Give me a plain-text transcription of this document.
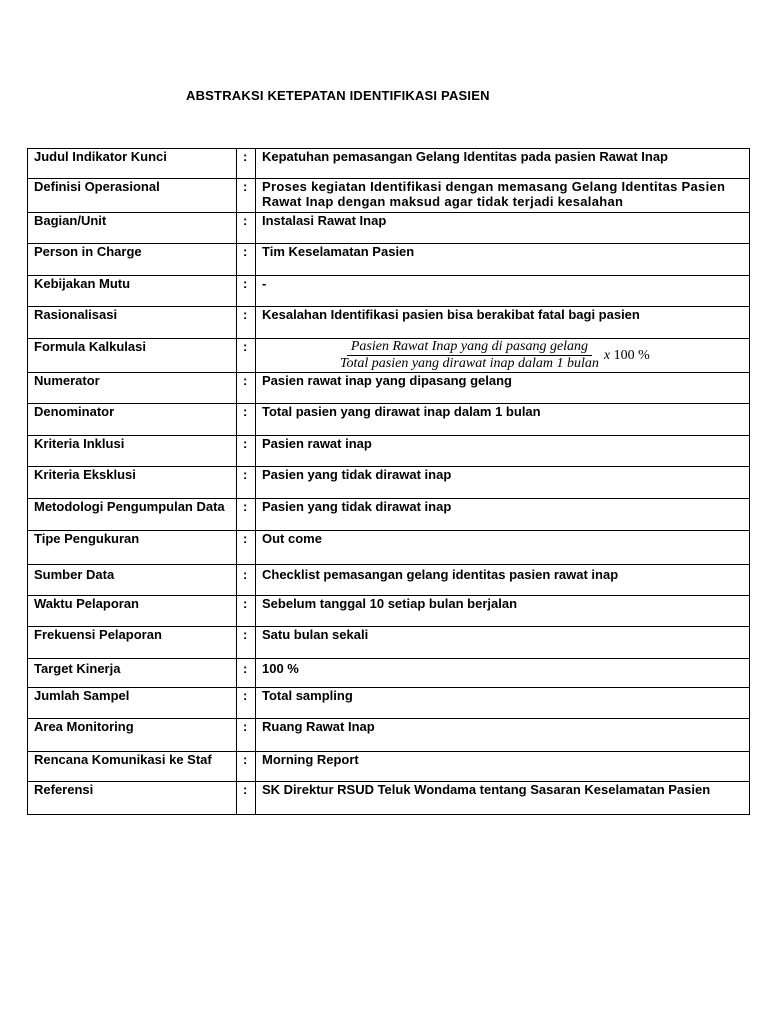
ABSTRAKSI KETEPATAN IDENTIFIKASI PASIEN
Judul Indikator Kunci	:	Kepatuhan pemasangan Gelang Identitas pada pasien Rawat Inap
Definisi Operasional	:	Proses kegiatan Identifikasi dengan memasang Gelang Identitas Pasien Rawat Inap dengan maksud agar tidak terjadi kesalahan
Bagian/Unit	:	Instalasi Rawat Inap
Person in Charge	:	Tim Keselamatan Pasien
Kebijakan Mutu	:	-
Rasionalisasi	:	Kesalahan Identifikasi pasien bisa berakibat fatal bagi pasien
Formula Kalkulasi	:	$\frac{\text{Pasien Rawat Inap yang di pasang gelang}}{\text{Total pasien yang dirawat inap dalam 1 bulan}}$ x 100 %

Numerator	:	Pasien rawat inap yang dipasang gelang
Denominator	:	Total pasien yang dirawat inap dalam 1 bulan
Kriteria Inklusi	:	Pasien rawat inap
Kriteria Eksklusi	:	Pasien yang tidak dirawat inap
Metodologi Pengumpulan Data	:	Pasien yang tidak dirawat inap
Tipe Pengukuran	:	Out come
Sumber Data	:	Checklist pemasangan gelang identitas pasien rawat inap
Waktu Pelaporan	:	Sebelum tanggal 10 setiap bulan berjalan
Frekuensi Pelaporan	:	Satu bulan sekali
Target Kinerja	:	100 %
Jumlah Sampel	:	Total sampling
Area Monitoring	:	Ruang Rawat Inap
Rencana Komunikasi ke Staf	:	Morning Report
Referensi	:	SK Direktur RSUD Teluk Wondama tentang Sasaran Keselamatan Pasien
